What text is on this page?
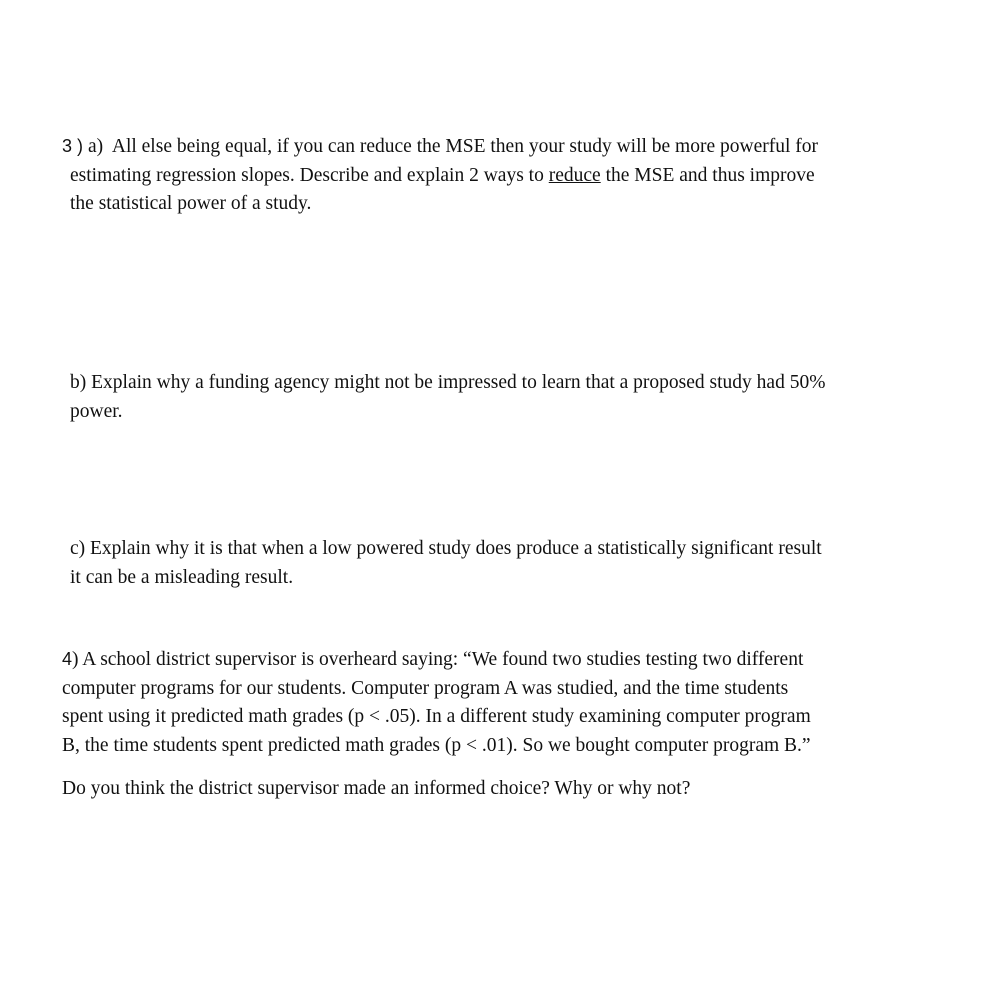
3 ) a) All else being equal, if you can reduce the MSE then your study will be more powerful for
estimating regression slopes. Describe and explain 2 ways to reduce the MSE and thus improve
the statistical power of a study.
b) Explain why a funding agency might not be impressed to learn that a proposed study had 50%
power.
c) Explain why it is that when a low powered study does produce a statistically significant result
it can be a misleading result.
4) A school district supervisor is overheard saying: “We found two studies testing two different
computer programs for our students. Computer program A was studied, and the time students
spent using it predicted math grades (p < .05). In a different study examining computer program
B, the time students spent predicted math grades (p < .01). So we bought computer program B.”
Do you think the district supervisor made an informed choice? Why or why not?
